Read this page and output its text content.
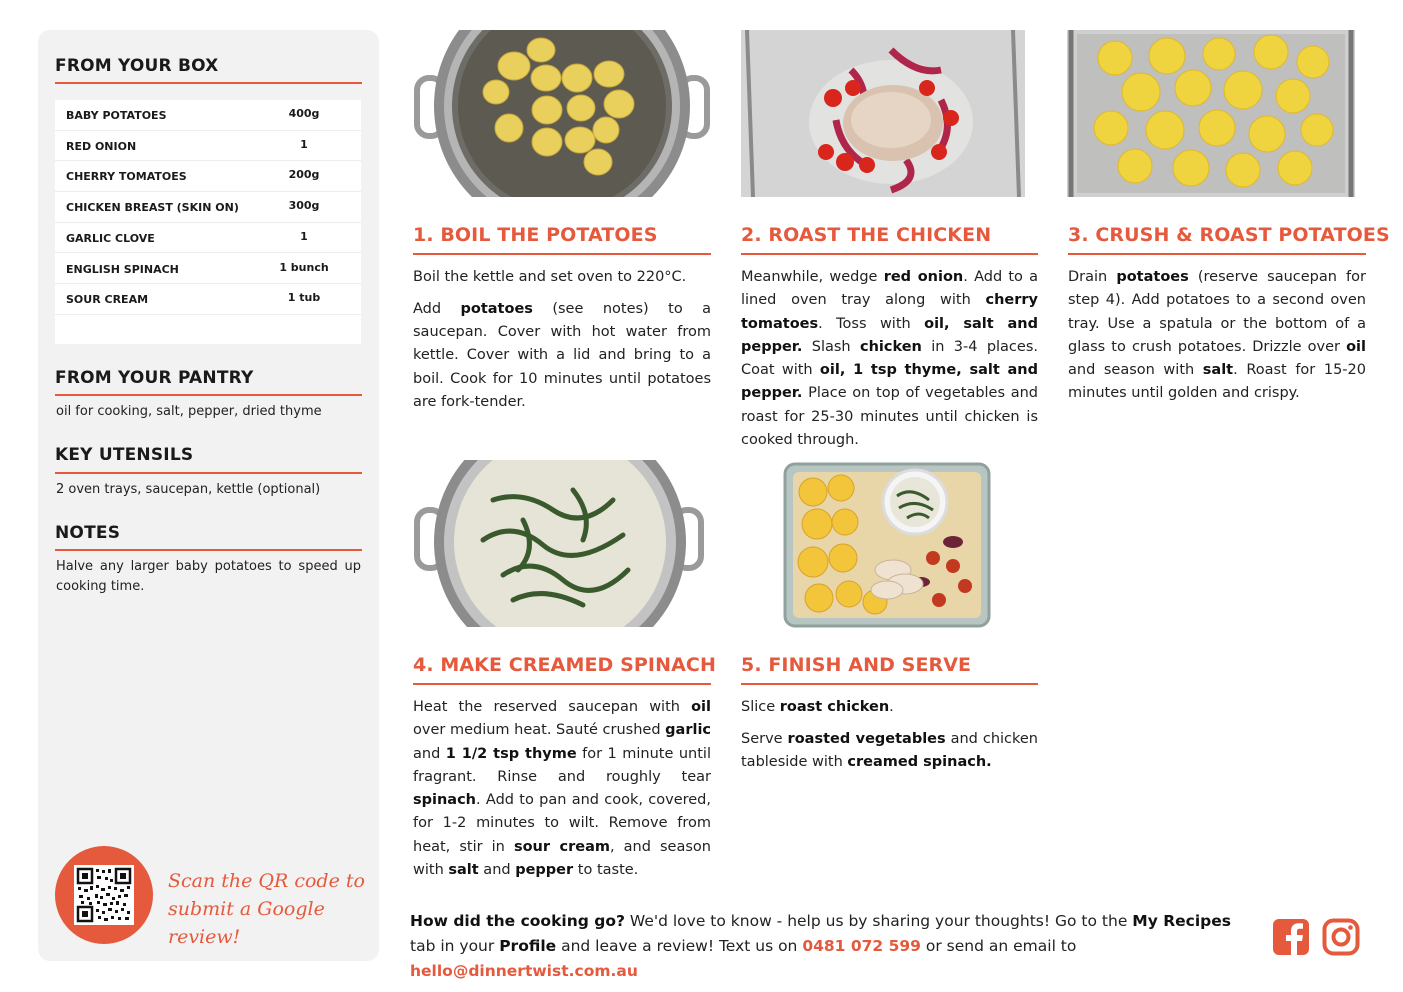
FROM YOUR BOX
BABY POTATOES	400g
RED ONION	1
CHERRY TOMATOES	200g
CHICKEN BREAST (SKIN ON)	300g
GARLIC CLOVE	1
ENGLISH SPINACH	1 bunch
SOUR CREAM	1 tub
FROM YOUR PANTRY
oil for cooking, salt, pepper, dried thyme
KEY UTENSILS
2 oven trays, saucepan, kettle (optional)
NOTES
Halve any larger baby potatoes to speed up cooking time.
Scan the QR code to
submit a Google review!
1. BOIL THE POTATOES	2. ROAST THE CHICKEN	3. CRUSH & ROAST POTATOES
4. MAKE CREAMED SPINACH 5. FINISH AND SERVE

Boil the kettle and set oven to 220°C.

Add potatoes (see notes) to a saucepan. Cover with hot water from kettle. Cover with a lid and bring to a boil. Cook for 10 minutes until potatoes are fork-tender.

Meanwhile, wedge red onion. Add to a lined oven tray along with cherry tomatoes. Toss with oil, salt and pepper. Slash chicken in 3-4 places. Coat with oil, 1 tsp thyme, salt and pepper. Place on top of vegetables and roast for 25-30 minutes until chicken is cooked through.

Drain potatoes (reserve saucepan for step 4). Add potatoes to a second oven tray. Use a spatula or the bottom of a glass to crush potatoes. Drizzle over oil and season with salt. Roast for 15-20 minutes until golden and crispy.

Heat the reserved saucepan with oil over medium heat. Sauté crushed garlic and 1 1/2 tsp thyme for 1 minute until fragrant. Rinse and roughly tear spinach. Add to pan and cook, covered, for 1-2 minutes to wilt. Remove from heat, stir in sour cream, and season with salt and pepper to taste.

Slice roast chicken.

Serve roasted vegetables and chicken tableside with creamed spinach.

How did the cooking go? We'd love to know - help us by sharing your thoughts! Go to the My Recipes tab in your Profile and leave a review! Text us on 0481 072 599 or send an email to hello@dinnertwist.com.au
